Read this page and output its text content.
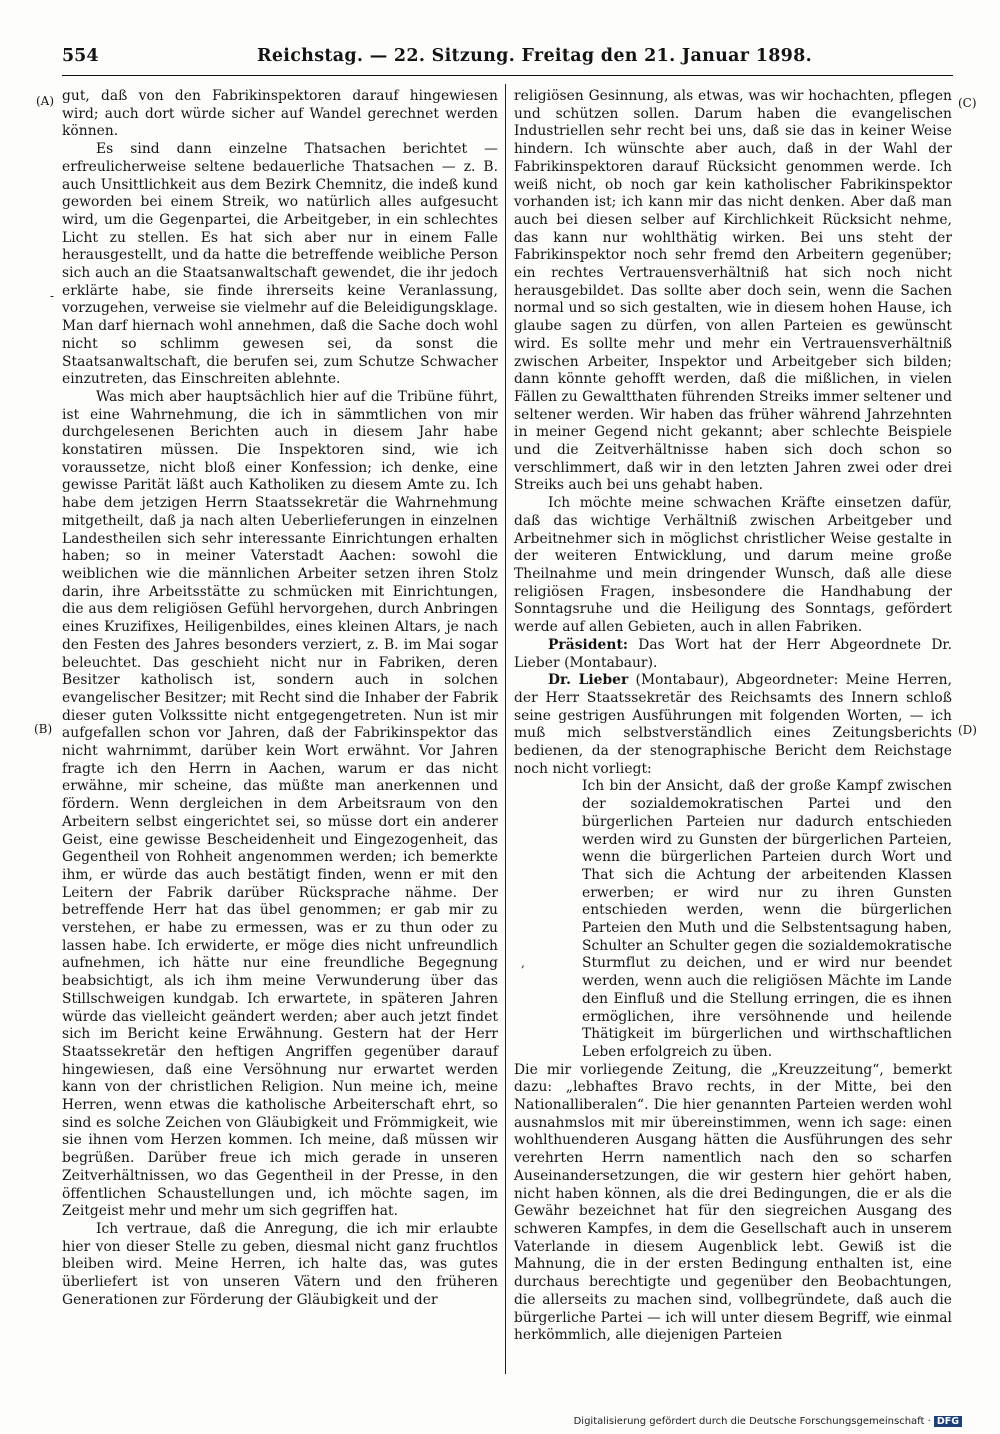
554	Reichstag. — 22. Sitzung. Freitag den 21. Januar 1898.
(A)
(B)
(C)
(D)
-
,

gut, daß von den Fabrikinspektoren darauf hingewiesen wird; auch dort würde sicher auf Wandel gerechnet werden können.

Es sind dann einzelne Thatsachen berichtet — erfreulicherweise seltene bedauerliche Thatsachen — z. B. auch Unsittlichkeit aus dem Bezirk Chemnitz, die indeß kund geworden bei einem Streik, wo natürlich alles aufgesucht wird, um die Gegenpartei, die Arbeitgeber, in ein schlechtes Licht zu stellen. Es hat sich aber nur in einem Falle herausgestellt, und da hatte die betreffende weibliche Person sich auch an die Staatsanwaltschaft gewendet, die ihr jedoch erklärte habe, sie finde ihrerseits keine Veranlassung, vorzugehen, verweise sie vielmehr auf die Beleidigungsklage. Man darf hiernach wohl annehmen, daß die Sache doch wohl nicht so schlimm gewesen sei, da sonst die Staatsanwaltschaft, die berufen sei, zum Schutze Schwacher einzutreten, das Einschreiten ablehnte.

Was mich aber hauptsächlich hier auf die Tribüne führt, ist eine Wahrnehmung, die ich in sämmtlichen von mir durchgelesenen Berichten auch in diesem Jahr habe konstatiren müssen. Die Inspektoren sind, wie ich voraussetze, nicht bloß einer Konfession; ich denke, eine gewisse Parität läßt auch Katholiken zu diesem Amte zu. Ich habe dem jetzigen Herrn Staatssekretär die Wahrnehmung mitgetheilt, daß ja nach alten Ueberlieferungen in einzelnen Landestheilen sich sehr interessante Einrichtungen erhalten haben; so in meiner Vaterstadt Aachen: sowohl die weiblichen wie die männlichen Arbeiter setzen ihren Stolz darin, ihre Arbeitsstätte zu schmücken mit Einrichtungen, die aus dem religiösen Gefühl hervorgehen, durch Anbringen eines Kruzifixes, Heiligenbildes, eines kleinen Altars, je nach den Festen des Jahres besonders verziert, z. B. im Mai sogar beleuchtet. Das geschieht nicht nur in Fabriken, deren Besitzer katholisch ist, sondern auch in solchen evangelischer Besitzer; mit Recht sind die Inhaber der Fabrik dieser guten Volkssitte nicht entgegengetreten. Nun ist mir aufgefallen schon vor Jahren, daß der Fabrikinspektor das nicht wahrnimmt, darüber kein Wort erwähnt. Vor Jahren fragte ich den Herrn in Aachen, warum er das nicht erwähne, mir scheine, das müßte man anerkennen und fördern. Wenn dergleichen in dem Arbeitsraum von den Arbeitern selbst eingerichtet sei, so müsse dort ein anderer Geist, eine gewisse Bescheidenheit und Eingezogenheit, das Gegentheil von Rohheit angenommen werden; ich bemerkte ihm, er würde das auch bestätigt finden, wenn er mit den Leitern der Fabrik darüber Rücksprache nähme. Der betreffende Herr hat das übel genommen; er gab mir zu verstehen, er habe zu ermessen, was er zu thun oder zu lassen habe. Ich erwiderte, er möge dies nicht unfreundlich aufnehmen, ich hätte nur eine freundliche Begegnung beabsichtigt, als ich ihm meine Verwunderung über das Stillschweigen kundgab. Ich erwartete, in späteren Jahren würde das vielleicht geändert werden; aber auch jetzt findet sich im Bericht keine Erwähnung. Gestern hat der Herr Staatssekretär den heftigen Angriffen gegenüber darauf hingewiesen, daß eine Versöhnung nur erwartet werden kann von der christlichen Religion. Nun meine ich, meine Herren, wenn etwas die katholische Arbeiterschaft ehrt, so sind es solche Zeichen von Gläubigkeit und Frömmigkeit, wie sie ihnen vom Herzen kommen. Ich meine, daß müssen wir begrüßen. Darüber freue ich mich gerade in unseren Zeitverhältnissen, wo das Gegentheil in der Presse, in den öffentlichen Schaustellungen und, ich möchte sagen, im Zeitgeist mehr und mehr um sich gegriffen hat.

Ich vertraue, daß die Anregung, die ich mir erlaubte hier von dieser Stelle zu geben, diesmal nicht ganz fruchtlos bleiben wird. Meine Herren, ich halte das, was gutes überliefert ist von unseren Vätern und den früheren Generationen zur Förderung der Gläubigkeit und der

religiösen Gesinnung, als etwas, was wir hochachten, pflegen und schützen sollen. Darum haben die evangelischen Industriellen sehr recht bei uns, daß sie das in keiner Weise hindern. Ich wünschte aber auch, daß in der Wahl der Fabrikinspektoren darauf Rücksicht genommen werde. Ich weiß nicht, ob noch gar kein katholischer Fabrikinspektor vorhanden ist; ich kann mir das nicht denken. Aber daß man auch bei diesen selber auf Kirchlichkeit Rücksicht nehme, das kann nur wohlthätig wirken. Bei uns steht der Fabrikinspektor noch sehr fremd den Arbeitern gegenüber; ein rechtes Vertrauensverhältniß hat sich noch nicht herausgebildet. Das sollte aber doch sein, wenn die Sachen normal und so sich gestalten, wie in diesem hohen Hause, ich glaube sagen zu dürfen, von allen Parteien es gewünscht wird. Es sollte mehr und mehr ein Vertrauensverhältniß zwischen Arbeiter, Inspektor und Arbeitgeber sich bilden; dann könnte gehofft werden, daß die mißlichen, in vielen Fällen zu Gewaltthaten führenden Streiks immer seltener und seltener werden. Wir haben das früher während Jahrzehnten in meiner Gegend nicht gekannt; aber schlechte Beispiele und die Zeitverhältnisse haben sich doch schon so verschlimmert, daß wir in den letzten Jahren zwei oder drei Streiks auch bei uns gehabt haben.

Ich möchte meine schwachen Kräfte einsetzen dafür, daß das wichtige Verhältniß zwischen Arbeitgeber und Arbeitnehmer sich in möglichst christlicher Weise gestalte in der weiteren Entwicklung, und darum meine große Theilnahme und mein dringender Wunsch, daß alle diese religiösen Fragen, insbesondere die Handhabung der Sonntagsruhe und die Heiligung des Sonntags, gefördert werde auf allen Gebieten, auch in allen Fabriken.

Präsident: Das Wort hat der Herr Abgeordnete Dr. Lieber (Montabaur).

Dr. Lieber (Montabaur), Abgeordneter: Meine Herren, der Herr Staatssekretär des Reichsamts des Innern schloß seine gestrigen Ausführungen mit folgenden Worten, — ich muß mich selbstverständlich eines Zeitungsberichts bedienen, da der stenographische Bericht dem Reichstage noch nicht vorliegt:

Ich bin der Ansicht, daß der große Kampf zwischen der sozialdemokratischen Partei und den bürgerlichen Parteien nur dadurch entschieden werden wird zu Gunsten der bürgerlichen Parteien, wenn die bürgerlichen Parteien durch Wort und That sich die Achtung der arbeitenden Klassen erwerben; er wird nur zu ihren Gunsten entschieden werden, wenn die bürgerlichen Parteien den Muth und die Selbstentsagung haben, Schulter an Schulter gegen die sozialdemokratische Sturmflut zu deichen, und er wird nur beendet werden, wenn auch die religiösen Mächte im Lande den Einfluß und die Stellung erringen, die es ihnen ermöglichen, ihre versöhnende und heilende Thätigkeit im bürgerlichen und wirthschaftlichen Leben erfolgreich zu üben.

Die mir vorliegende Zeitung, die „Kreuzzeitung“, bemerkt dazu: „lebhaftes Bravo rechts, in der Mitte, bei den Nationalliberalen“. Die hier genannten Parteien werden wohl ausnahmslos mit mir übereinstimmen, wenn ich sage: einen wohlthuenderen Ausgang hätten die Ausführungen des sehr verehrten Herrn namentlich nach den so scharfen Auseinandersetzungen, die wir gestern hier gehört haben, nicht haben können, als die drei Bedingungen, die er als die Gewähr bezeichnet hat für den siegreichen Ausgang des schweren Kampfes, in dem die Gesellschaft auch in unserem Vaterlande in diesem Augenblick lebt. Gewiß ist die Mahnung, die in der ersten Bedingung enthalten ist, eine durchaus berechtigte und gegenüber den Beobachtungen, die allerseits zu machen sind, vollbegründete, daß auch die bürgerliche Partei — ich will unter diesem Begriff, wie einmal herkömmlich, alle diejenigen Parteien

Digitalisierung gefördert durch die Deutsche Forschungsgemeinschaft · DFG
